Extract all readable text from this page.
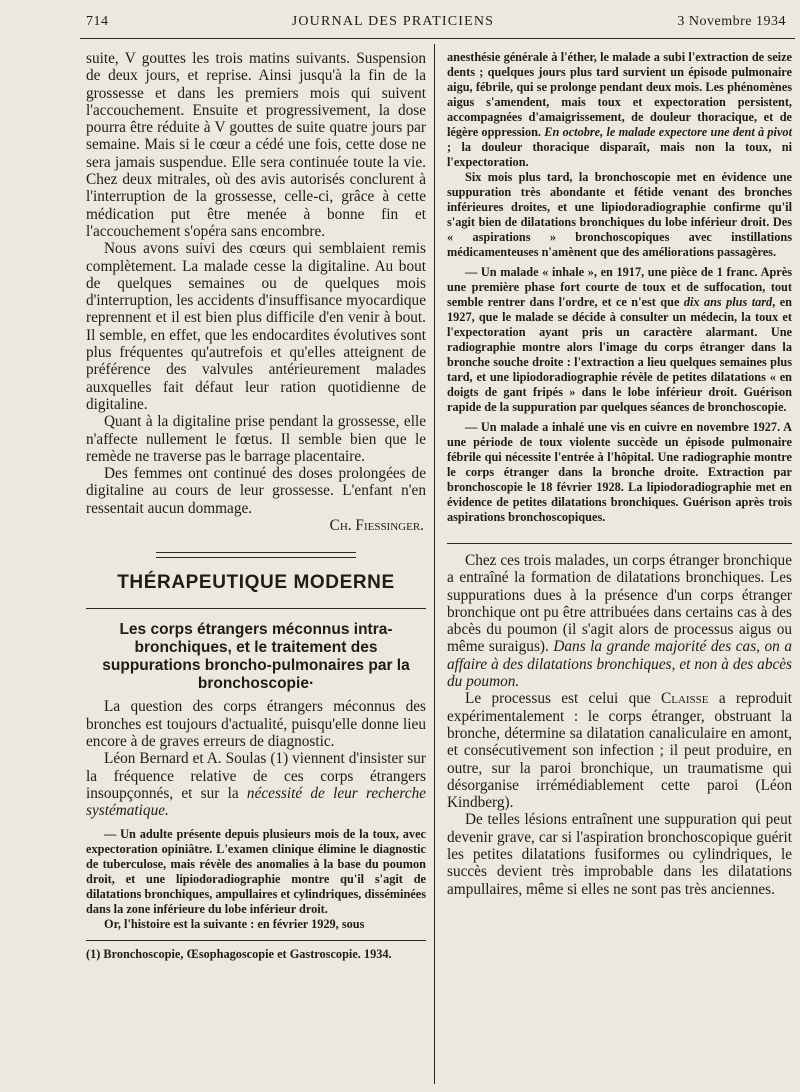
714	JOURNAL DES PRATICIENS	3 Novembre 1934

suite, V gouttes les trois matins suivants. Suspension de deux jours, et reprise. Ainsi jusqu'à la fin de la grossesse et dans les premiers mois qui suivent l'accouchement. Ensuite et progressivement, la dose pourra être réduite à V gouttes de suite quatre jours par semaine. Mais si le cœur a cédé une fois, cette dose ne sera jamais suspendue. Elle sera continuée toute la vie. Chez deux mitrales, où des avis autorisés conclurent à l'interruption de la grossesse, celle-ci, grâce à cette médication put être menée à bonne fin et l'accouchement s'opéra sans encombre.

Nous avons suivi des cœurs qui semblaient remis complètement. La malade cesse la digitaline. Au bout de quelques semaines ou de quelques mois d'interruption, les accidents d'insuffisance myocardique reprennent et il est bien plus difficile d'en venir à bout. Il semble, en effet, que les endocardites évolutives sont plus fréquentes qu'autrefois et qu'elles atteignent de préférence des valvules antérieurement malades auxquelles fait défaut leur ration quotidienne de digitaline.

Quant à la digitaline prise pendant la grossesse, elle n'affecte nullement le fœtus. Il semble bien que le remède ne traverse pas le barrage placentaire.

Des femmes ont continué des doses prolongées de digitaline au cours de leur grossesse. L'enfant n'en ressentait aucun dommage.

Ch. Fiessinger.
THÉRAPEUTIQUE MODERNE
Les corps étrangers méconnus intra-bronchiques, et le traitement des suppurations broncho-pulmonaires par la bronchoscopie·

La question des corps étrangers méconnus des bronches est toujours d'actualité, puisqu'elle donne lieu encore à de graves erreurs de diagnostic.

Léon Bernard et A. Soulas (1) viennent d'insister sur la fréquence relative de ces corps étrangers insoupçonnés, et sur la nécessité de leur recherche systématique.

— Un adulte présente depuis plusieurs mois de la toux, avec expectoration opiniâtre. L'examen clinique élimine le diagnostic de tuberculose, mais révèle des anomalies à la base du poumon droit, et une lipiodoradiographie montre qu'il s'agit de dilatations bronchiques, ampullaires et cylindriques, disséminées dans la zone inférieure du lobe inférieur droit.

Or, l'histoire est la suivante : en février 1929, sous

(1) Bronchoscopie, Œsophagoscopie et Gastroscopie. 1934.

anesthésie générale à l'éther, le malade a subi l'extraction de seize dents ; quelques jours plus tard survient un épisode pulmonaire aigu, fébrile, qui se prolonge pendant deux mois. Les phénomènes aigus s'amendent, mais toux et expectoration persistent, accompagnées d'amaigrissement, de douleur thoracique, et de légère oppression. En octobre, le malade expectore une dent à pivot ; la douleur thoracique disparaît, mais non la toux, ni l'expectoration.

Six mois plus tard, la bronchoscopie met en évidence une suppuration très abondante et fétide venant des bronches inférieures droites, et une lipiodoradiographie confirme qu'il s'agit bien de dilatations bronchiques du lobe inférieur droit. Des « aspirations » bronchoscopiques avec instillations médicamenteuses n'amènent que des améliorations passagères.

— Un malade « inhale », en 1917, une pièce de 1 franc. Après une première phase fort courte de toux et de suffocation, tout semble rentrer dans l'ordre, et ce n'est que dix ans plus tard, en 1927, que le malade se décide à consulter un médecin, la toux et l'expectoration ayant pris un caractère alarmant. Une radiographie montre alors l'image du corps étranger dans la bronche souche droite : l'extraction a lieu quelques semaines plus tard, et une lipiodoradiographie révèle de petites dilatations « en doigts de gant fripés » dans le lobe inférieur droit. Guérison rapide de la suppuration par quelques séances de bronchoscopie.

— Un malade a inhalé une vis en cuivre en novembre 1927. A une période de toux violente succède un épisode pulmonaire fébrile qui nécessite l'entrée à l'hôpital. Une radiographie montre le corps étranger dans la bronche droite. Extraction par bronchoscopie le 18 février 1928. La lipiodoradiographie met en évidence de petites dilatations bronchiques. Guérison après trois aspirations bronchoscopiques.

Chez ces trois malades, un corps étranger bronchique a entraîné la formation de dilatations bronchiques. Les suppurations dues à la présence d'un corps étranger bronchique ont pu être attribuées dans certains cas à des abcès du poumon (il s'agit alors de processus aigus ou même suraigus). Dans la grande majorité des cas, on a affaire à des dilatations bronchiques, et non à des abcès du poumon.

Le processus est celui que Claisse a reproduit expérimentalement : le corps étranger, obstruant la bronche, détermine sa dilatation canaliculaire en amont, et consécutivement son infection ; il peut produire, en outre, sur la paroi bronchique, un traumatisme qui désorganise irrémédiablement cette paroi (Léon Kindberg).

De telles lésions entraînent une suppuration qui peut devenir grave, car si l'aspiration bronchoscopique guérit les petites dilatations fusiformes ou cylindriques, le succès devient très improbable dans les dilatations ampullaires, même si elles ne sont pas très anciennes.
